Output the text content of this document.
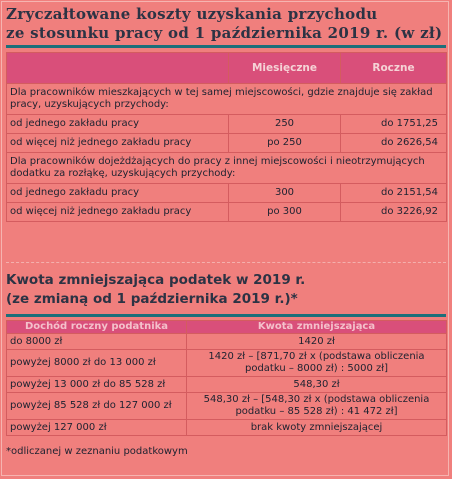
Zryczałtowane koszty uzyskania przychodu
ze stosunku pracy od 1 października 2019 r. (w zł)
	Miesięczne	Roczne
Dla pracowników mieszkających w tej samej miejscowości, gdzie znajduje się zakład pracy, uzyskujących przychody:		
od jednego zakładu pracy	250	do 1751,25
od więcej niż jednego zakładu pracy	po 250	do 2626,54
Dla pracowników dojeżdżających do pracy z innej miejscowości i nieotrzymujących dodatku za rozłąkę, uzyskujących przychody:		
od jednego zakładu pracy	300	do 2151,54
od więcej niż jednego zakładu pracy	po 300	do 3226,92
Kwota zmniejszająca podatek w 2019 r.
(ze zmianą od 1 października 2019 r.)*
Dochód roczny podatnika	Kwota zmniejszająca
do 8000 zł	1420 zł
powyżej 8000 zł do 13 000 zł	1420 zł – [871,70 zł x (podstawa obliczenia podatku – 8000 zł) : 5000 zł]
powyżej 13 000 zł do 85 528 zł	548,30 zł
powyżej 85 528 zł do 127 000 zł	548,30 zł – [548,30 zł x (podstawa obliczenia podatku – 85 528 zł) : 41 472 zł]
powyżej 127 000 zł	brak kwoty zmniejszającej
*odliczanej w zeznaniu podatkowym
